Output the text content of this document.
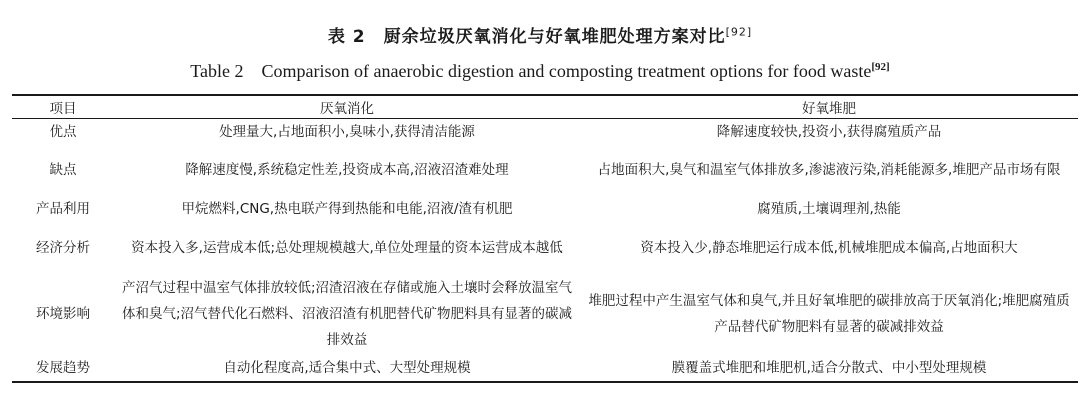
表 2　厨余垃圾厌氧消化与好氧堆肥处理方案对比[92]
Table 2　Comparison of anaerobic digestion and composting treatment options for food waste[92]
项目	厌氧消化	好氧堆肥
优点	处理量大,占地面积小,臭味小,获得清洁能源	降解速度较快,投资小,获得腐殖质产品
缺点	降解速度慢,系统稳定性差,投资成本高,沼液沼渣难处理	占地面积大,臭气和温室气体排放多,渗滤液污染,消耗能源多,堆肥产品市场有限
产品利用	甲烷燃料,CNG,热电联产得到热能和电能,沼液/渣有机肥	腐殖质,土壤调理剂,热能
经济分析	资本投入多,运营成本低;总处理规模越大,单位处理量的资本运营成本越低	资本投入少,静态堆肥运行成本低,机械堆肥成本偏高,占地面积大
环境影响	产沼气过程中温室气体排放较低;沼渣沼液在存储或施入土壤时会释放温室气体和臭气;沼气替代化石燃料、沼液沼渣有机肥替代矿物肥料具有显著的碳减排效益	堆肥过程中产生温室气体和臭气,并且好氧堆肥的碳排放高于厌氧消化;堆肥腐殖质产品替代矿物肥料有显著的碳减排效益
发展趋势	自动化程度高,适合集中式、大型处理规模	膜覆盖式堆肥和堆肥机,适合分散式、中小型处理规模
